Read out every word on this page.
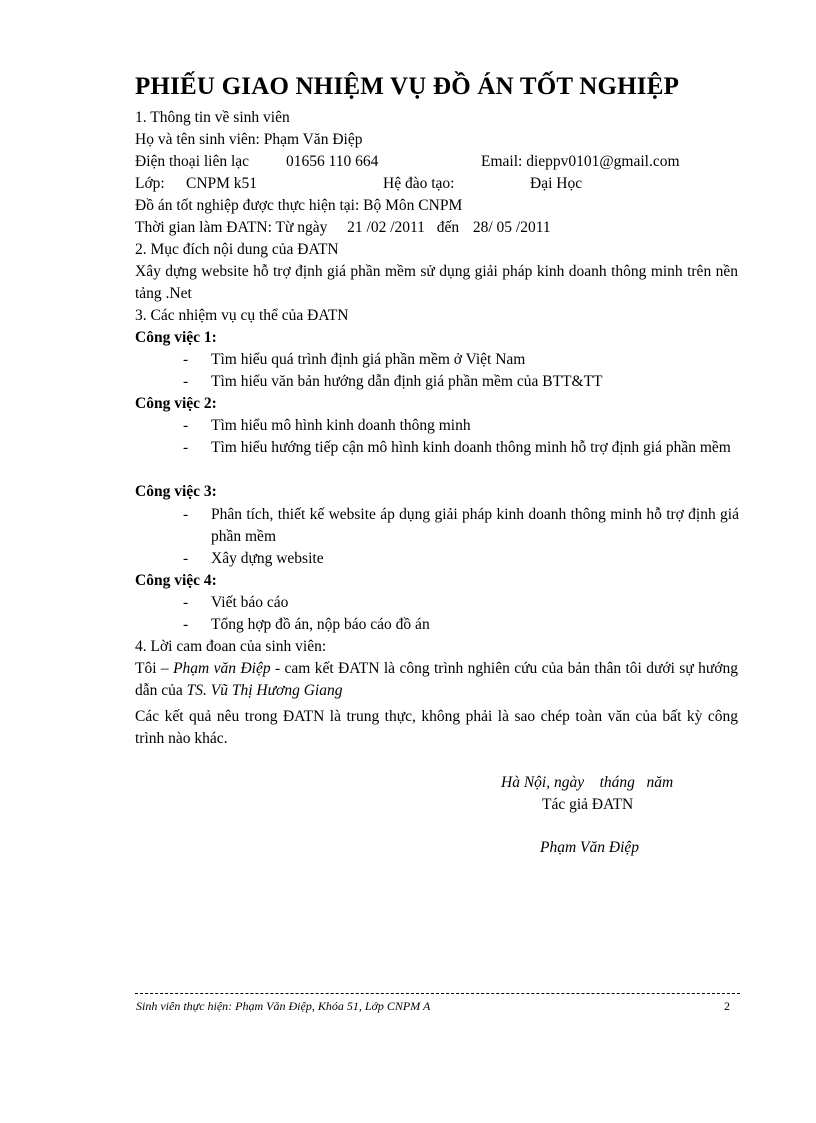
PHIẾU GIAO NHIỆM VỤ ĐỒ ÁN TỐT NGHIỆP
1. Thông tin về sinh viên
Họ và tên sinh viên: Phạm Văn Điệp
Điện thoại liên lạc 01656 110 664	Email: dieppv0101@gmail.com
Lớp: CNPM k51	Hệ đào tạo:	Đại Học
Đồ án tốt nghiệp được thực hiện tại: Bộ Môn CNPM
Thời gian làm ĐATN: Từ ngày 21 /02 /2011 đến 28/ 05 /2011
2. Mục đích nội dung của ĐATN
Xây dựng website hỗ trợ định giá phần mềm sử dụng giải pháp kinh doanh thông minh trên nền tảng .Net
3. Các nhiệm vụ cụ thể của ĐATN
Công việc 1:
- Tìm hiểu quá trình định giá phần mềm ở Việt Nam
- Tìm hiểu văn bản hướng dẫn định giá phần mềm của BTT&TT
Công việc 2:
- Tìm hiểu mô hình kinh doanh thông minh
- Tìm hiểu hướng tiếp cận mô hình kinh doanh thông minh hỗ trợ định giá phần mềm
Công việc 3:
- Phân tích, thiết kế website áp dụng giải pháp kinh doanh thông minh hỗ trợ định giá phần mềm
- Xây dựng website
Công việc 4:
- Viết báo cáo
- Tổng hợp đồ án, nộp báo cáo đồ án
4. Lời cam đoan của sinh viên:
Tôi – Phạm văn Điệp - cam kết ĐATN là công trình nghiên cứu của bản thân tôi dưới sự hướng dẫn của TS. Vũ Thị Hương Giang
Các kết quả nêu trong ĐATN là trung thực, không phải là sao chép toàn văn của bất kỳ công trình nào khác.
Hà Nội, ngày    tháng   năm
Tác giả ĐATN
Phạm Văn Điệp
Sinh viên thực hiện: Phạm Văn Điệp, Khóa 51, Lớp CNPM A	2
